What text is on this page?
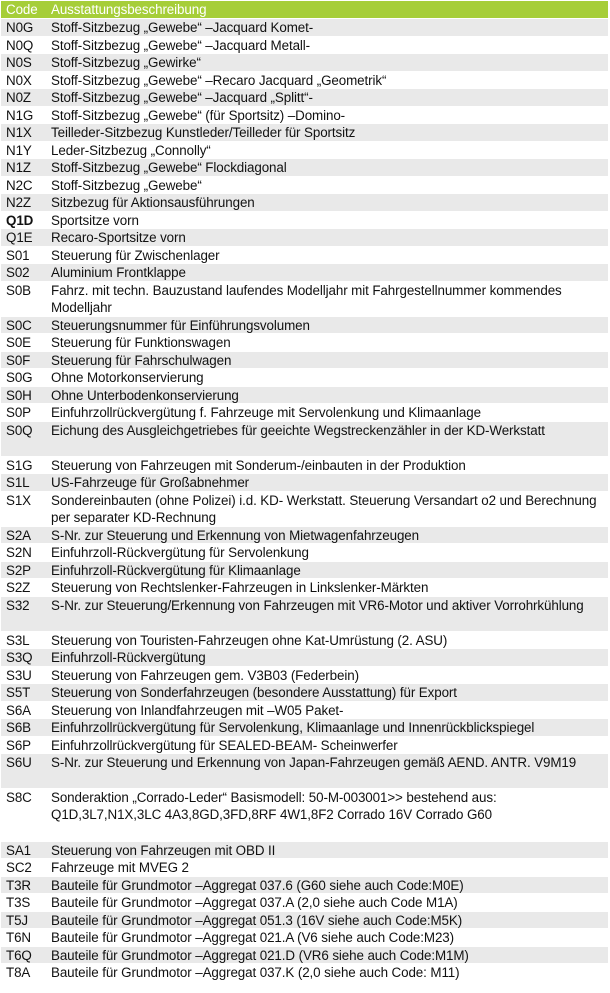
Code Ausstattungsbeschreibung
N0G	Stoff-Sitzbezug „Gewebe“ –Jacquard Komet-
N0Q	Stoff-Sitzbezug „Gewebe“ –Jacquard Metall-
N0S	Stoff-Sitzbezug „Gewirke“
N0X	Stoff-Sitzbezug „Gewebe“ –Recaro Jacquard „Geometrik“
N0Z	Stoff-Sitzbezug „Gewebe“ –Jacquard „Splitt“-
N1G	Stoff-Sitzbezug „Gewebe“ (für Sportsitz) –Domino-
N1X	Teilleder-Sitzbezug Kunstleder/Teilleder für Sportsitz
N1Y	Leder-Sitzbezug „Connolly“
N1Z	Stoff-Sitzbezug „Gewebe“ Flockdiagonal
N2C	Stoff-Sitzbezug „Gewebe“
N2Z	Sitzbezug für Aktionsausführungen
Q1D	Sportsitze vorn
Q1E	Recaro-Sportsitze vorn
S01	Steuerung für Zwischenlager
S02	Aluminium Frontklappe
S0B	Fahrz. mit techn. Bauzustand laufendes Modelljahr mit Fahrgestellnummer kommendes Modelljahr
S0C	Steuerungsnummer für Einführungsvolumen
S0E	Steuerung für Funktionswagen
S0F	Steuerung für Fahrschulwagen
S0G	Ohne Motorkonservierung
S0H	Ohne Unterbodenkonservierung
S0P	Einfuhrzollrückvergütung f. Fahrzeuge mit Servolenkung und Klimaanlage
S0Q	Eichung des Ausgleichgetriebes für geeichte Wegstreckenzähler in der KD-Werkstatt
S1G	Steuerung von Fahrzeugen mit Sonderum-/einbauten in der Produktion
S1L	US-Fahrzeuge für Großabnehmer
S1X	Sondereinbauten (ohne Polizei) i.d. KD- Werkstatt. Steuerung Versandart o2 und Berechnung per separater KD-Rechnung
S2A	S-Nr. zur Steuerung und Erkennung von Mietwagenfahrzeugen
S2N	Einfuhrzoll-Rückvergütung für Servolenkung
S2P	Einfuhrzoll-Rückvergütung für Klimaanlage
S2Z	Steuerung von Rechtslenker-Fahrzeugen in Linkslenker-Märkten
S32	S-Nr. zur Steuerung/Erkennung von Fahrzeugen mit VR6-Motor und aktiver Vorrohrkühlung
S3L	Steuerung von Touristen-Fahrzeugen ohne Kat-Umrüstung (2. ASU)
S3Q	Einfuhrzoll-Rückvergütung
S3U	Steuerung von Fahrzeugen gem. V3B03 (Federbein)
S5T	Steuerung von Sonderfahrzeugen (besondere Ausstattung) für Export
S6A	Steuerung von Inlandfahrzeugen mit –W05 Paket-
S6B	Einfuhrzollrückvergütung für Servolenkung, Klimaanlage und Innenrückblickspiegel
S6P	Einfuhrzollrückvergütung für SEALED-BEAM- Scheinwerfer
S6U	S-Nr. zur Steuerung und Erkennung von Japan-Fahrzeugen gemäß AEND. ANTR. V9M19
S8C	Sonderaktion „Corrado-Leder“ Basismodell: 50-M-003001>> bestehend aus: Q1D,3L7,N1X,3LC 4A3,8GD,3FD,8RF 4W1,8F2 Corrado 16V Corrado G60
SA1	Steuerung von Fahrzeugen mit OBD II
SC2	Fahrzeuge mit MVEG 2
T3R	Bauteile für Grundmotor –Aggregat 037.6 (G60 siehe auch Code:M0E)
T3S	Bauteile für Grundmotor –Aggregat 037.A (2,0 siehe auch Code M1A)
T5J	Bauteile für Grundmotor –Aggregat 051.3 (16V siehe auch Code:M5K)
T6N	Bauteile für Grundmotor –Aggregat 021.A (V6 siehe auch Code:M23)
T6Q	Bauteile für Grundmotor –Aggregat 021.D (VR6 siehe auch Code:M1M)
T8A	Bauteile für Grundmotor –Aggregat 037.K (2,0 siehe auch Code: M11)
